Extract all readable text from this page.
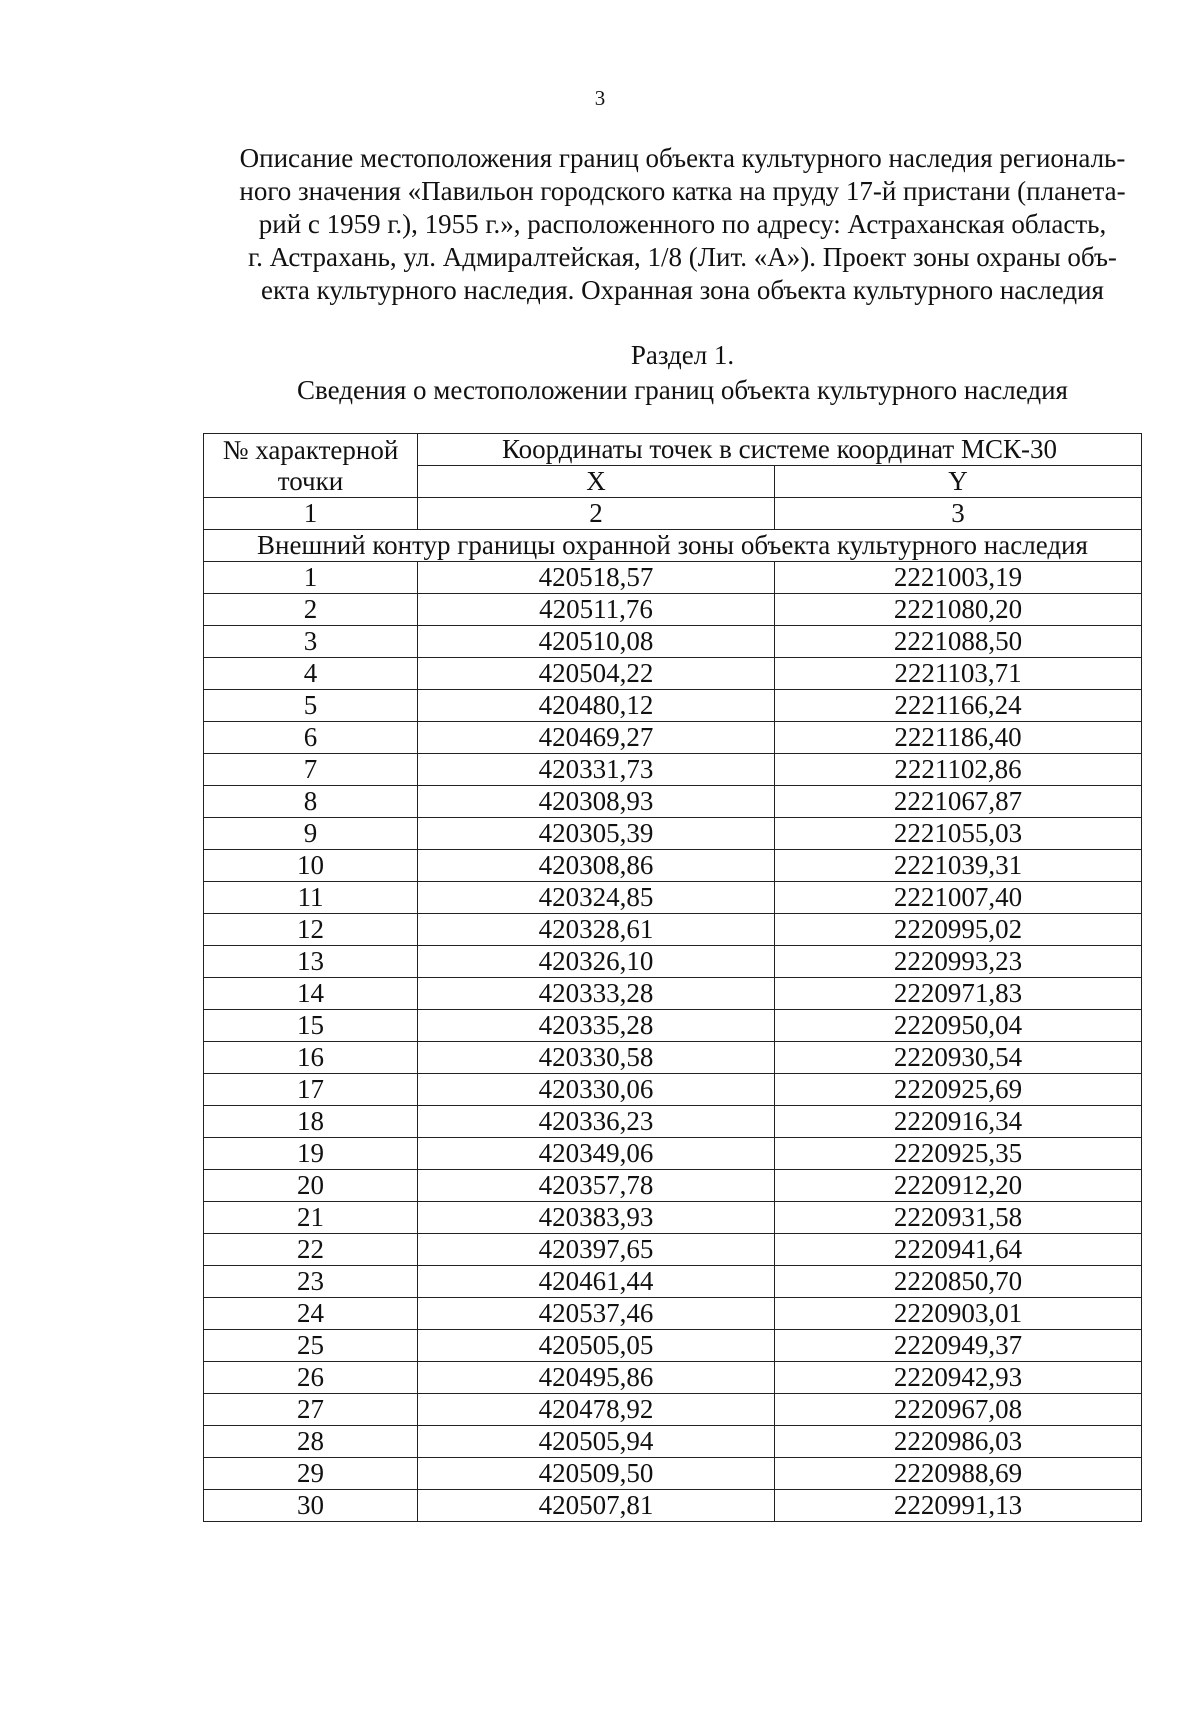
3
Описание местоположения границ объекта культурного наследия региональ-
ного значения «Павильон городского катка на пруду 17-й пристани (планета-
рий с 1959 г.), 1955 г.», расположенного по адресу: Астраханская область,
г. Астрахань, ул. Адмиралтейская, 1/8 (Лит. «А»). Проект зоны охраны объ-
екта культурного наследия. Охранная зона объекта культурного наследия
Раздел 1.
Сведения о местоположении границ объекта культурного наследия
№ характерной
точки	Координаты точек в системе координат МСК-30	
	X	Y
1	2	3
Внешний контур границы охранной зоны объекта культурного наследия		
1	420518,57	2221003,19
2	420511,76	2221080,20
3	420510,08	2221088,50
4	420504,22	2221103,71
5	420480,12	2221166,24
6	420469,27	2221186,40
7	420331,73	2221102,86
8	420308,93	2221067,87
9	420305,39	2221055,03
10	420308,86	2221039,31
11	420324,85	2221007,40
12	420328,61	2220995,02
13	420326,10	2220993,23
14	420333,28	2220971,83
15	420335,28	2220950,04
16	420330,58	2220930,54
17	420330,06	2220925,69
18	420336,23	2220916,34
19	420349,06	2220925,35
20	420357,78	2220912,20
21	420383,93	2220931,58
22	420397,65	2220941,64
23	420461,44	2220850,70
24	420537,46	2220903,01
25	420505,05	2220949,37
26	420495,86	2220942,93
27	420478,92	2220967,08
28	420505,94	2220986,03
29	420509,50	2220988,69
30	420507,81	2220991,13
